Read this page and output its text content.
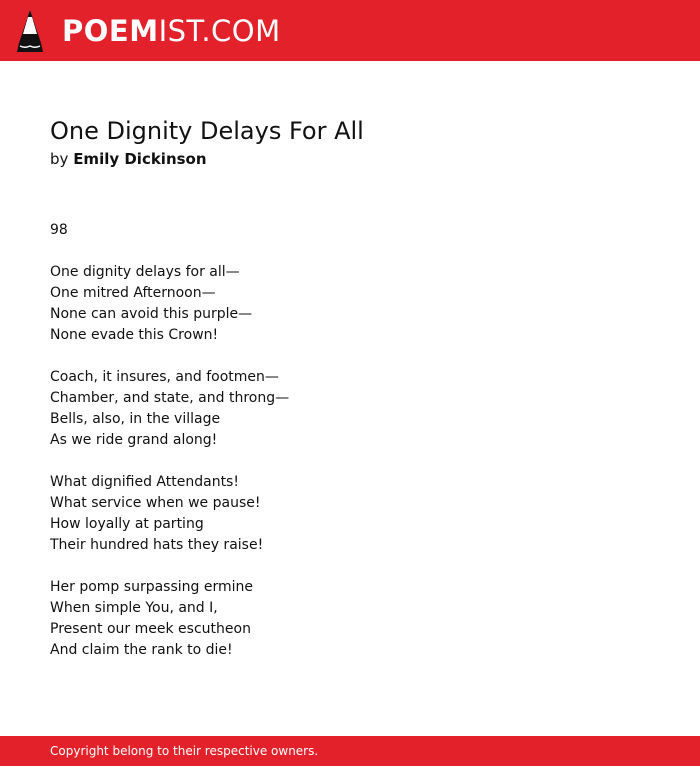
POEMIST.COM
One Dignity Delays For All

by Emily Dickinson

98

One dignity delays for all—
One mitred Afternoon—
None can avoid this purple—
None evade this Crown!

Coach, it insures, and footmen—
Chamber, and state, and throng—
Bells, also, in the village
As we ride grand along!

What dignified Attendants!
What service when we pause!
How loyally at parting
Their hundred hats they raise!

Her pomp surpassing ermine
When simple You, and I,
Present our meek escutheon
And claim the rank to die!

Copyright belong to their respective owners.
